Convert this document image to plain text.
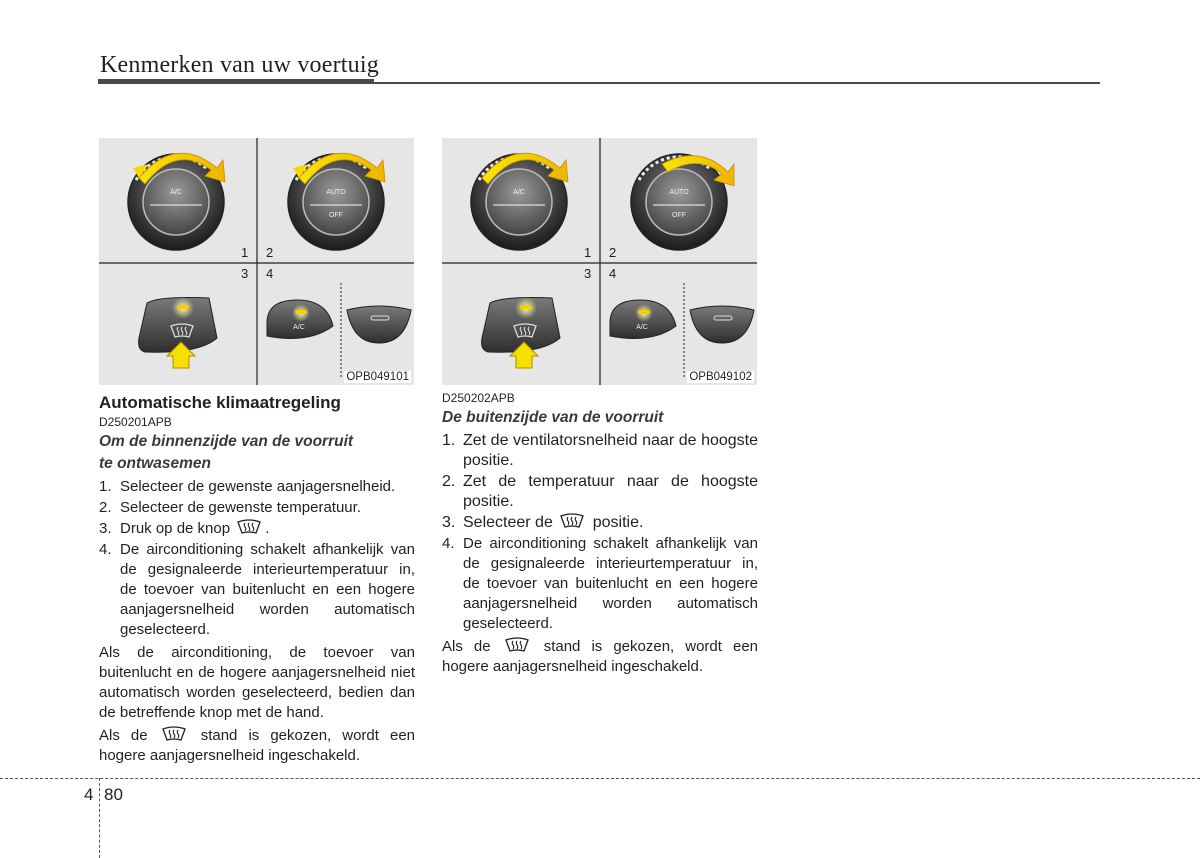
Kenmerken van uw voertuig
A/C	AUTO
OFF
A/C
1 2
3 4
OPB049101
A/C	AUTO
OFF
A/C
1 2
3 4
OPB049102
Automatische klimaatregeling
D250201APB
Om de binnenzijde van de voorruit
te ontwasemen
1. Selecteer de gewenste aanjagersnelheid.
2. Selecteer de gewenste temperatuur.
3. Druk op de knop .
4. De airconditioning schakelt afhankelijk van de gesignaleerde interieurtemperatuur in, de toevoer van buitenlucht en een hogere aanjagersnelheid worden automatisch geselecteerd.

Als de airconditioning, de toevoer van buitenlucht en de hogere aanjagersnelheid niet automatisch worden geselecteerd, bedien dan de betreffende knop met de hand.

Als de	stand is gekozen, wordt een hogere aanjagersnelheid ingeschakeld.

D250202APB
De buitenzijde van de voorruit
1. Zet de ventilatorsnelheid naar de hoogste positie.
2. Zet de temperatuur naar de hoogste positie.
3. Selecteer de positie.
4. De airconditioning schakelt afhankelijk van de gesignaleerde interieurtemperatuur in, de toevoer van buitenlucht en een hogere aanjagersnelheid worden automatisch geselecteerd.

Als de	stand is gekozen, wordt een hogere aanjagersnelheid ingeschakeld.

4 80
